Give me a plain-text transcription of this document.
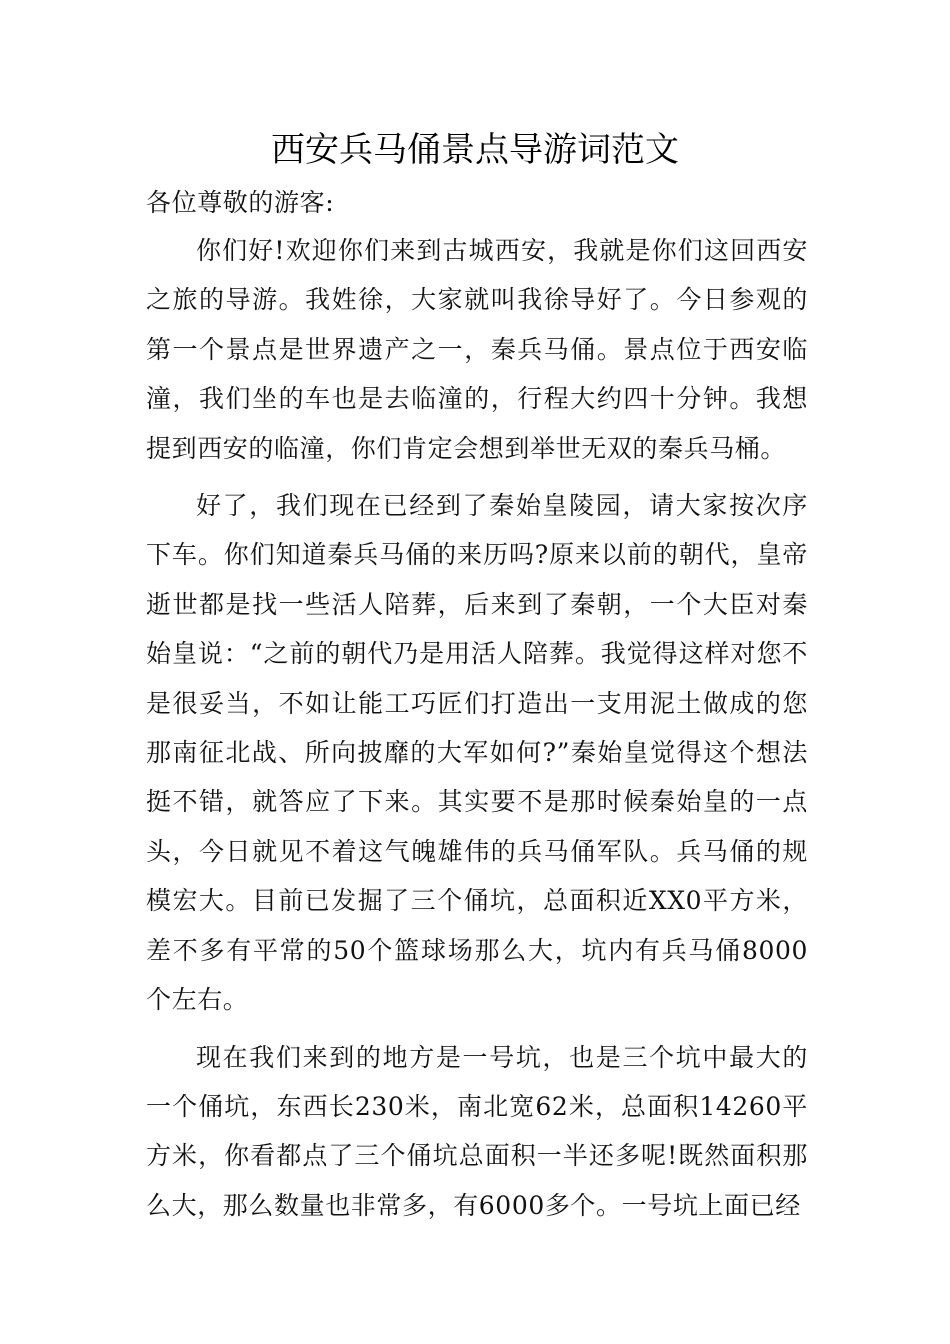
西安兵马俑景点导游词范文

各位尊敬的游客:

你们好!欢迎你们来到古城西安，我就是你们这回西安之旅的导游。我姓徐，大家就叫我徐导好了。今日参观的第一个景点是世界遗产之一，秦兵马俑。景点位于西安临潼，我们坐的车也是去临潼的，行程大约四十分钟。我想提到西安的临潼，你们肯定会想到举世无双的秦兵马桶。

好了，我们现在已经到了秦始皇陵园，请大家按次序下车。你们知道秦兵马俑的来历吗?原来以前的朝代，皇帝逝世都是找一些活人陪葬，后来到了秦朝，一个大臣对秦始皇说：“之前的朝代乃是用活人陪葬。我觉得这样对您不是很妥当，不如让能工巧匠们打造出一支用泥土做成的您那南征北战、所向披靡的大军如何?”秦始皇觉得这个想法挺不错，就答应了下来。其实要不是那时候秦始皇的一点头，今日就见不着这气魄雄伟的兵马俑军队。兵马俑的规模宏大。目前已发掘了三个俑坑，总面积近XX0平方米，差不多有平常的50个篮球场那么大，坑内有兵马俑8000个左右。

现在我们来到的地方是一号坑，也是三个坑中最大的一个俑坑，东西长230米，南北宽62米，总面积14260平方米，你看都点了三个俑坑总面积一半还多呢!既然面积那么大，那么数量也非常多，有6000多个。一号坑上面已经
